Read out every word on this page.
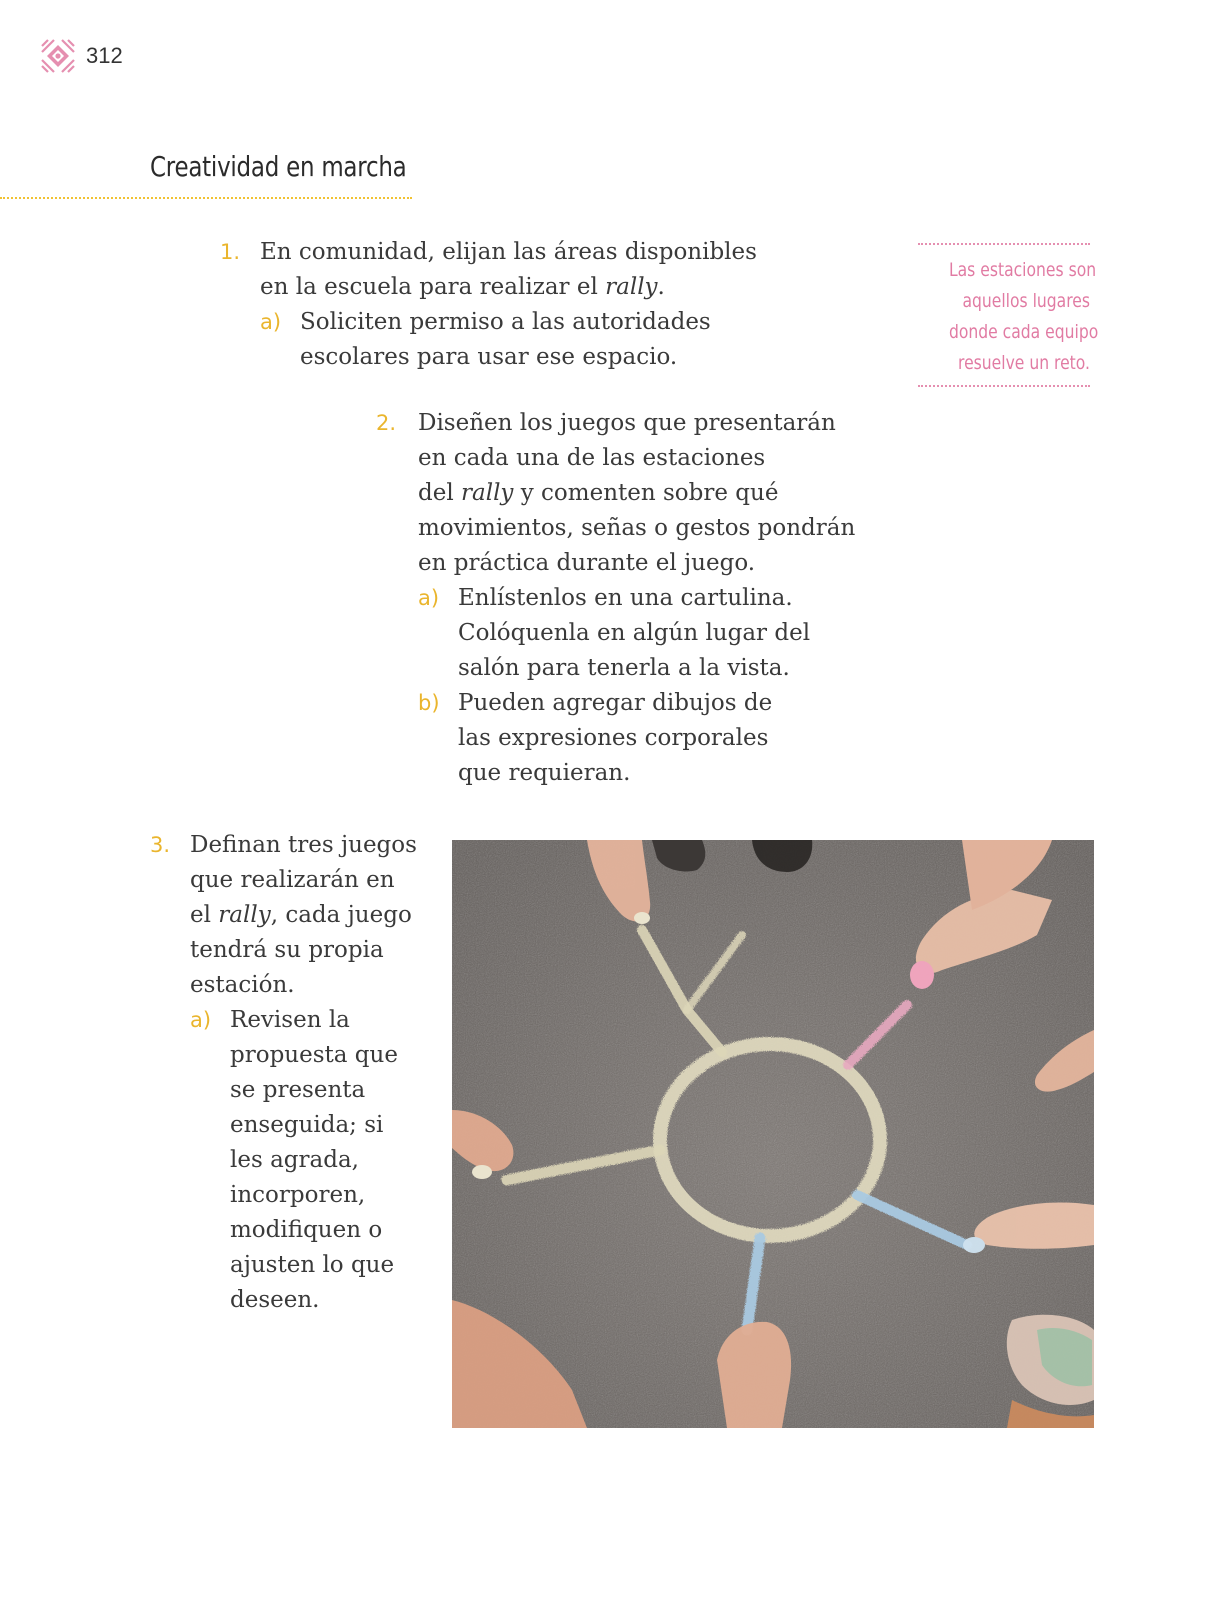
312
Creatividad en marcha
1. En comunidad, elijan las áreas disponibles
en la escuela para realizar el rally.
a) Soliciten permiso a las autoridades
escolares para usar ese espacio.
Las estaciones son
aquellos lugares
donde cada equipo
resuelve un reto.
2. Diseñen los juegos que presentarán
en cada una de las estaciones
del rally y comenten sobre qué
movimientos, señas o gestos pondrán
en práctica durante el juego.
a) Enlístenlos en una cartulina.
Colóquenla en algún lugar del
salón para tenerla a la vista.
b) Pueden agregar dibujos de
las expresiones corporales
que requieran.
3. Definan tres juegos
que realizarán en
el rally, cada juego
tendrá su propia
estación.
a) Revisen la
propuesta que
se presenta
enseguida; si
les agrada,
incorporen,
modifiquen o
ajusten lo que
deseen.
